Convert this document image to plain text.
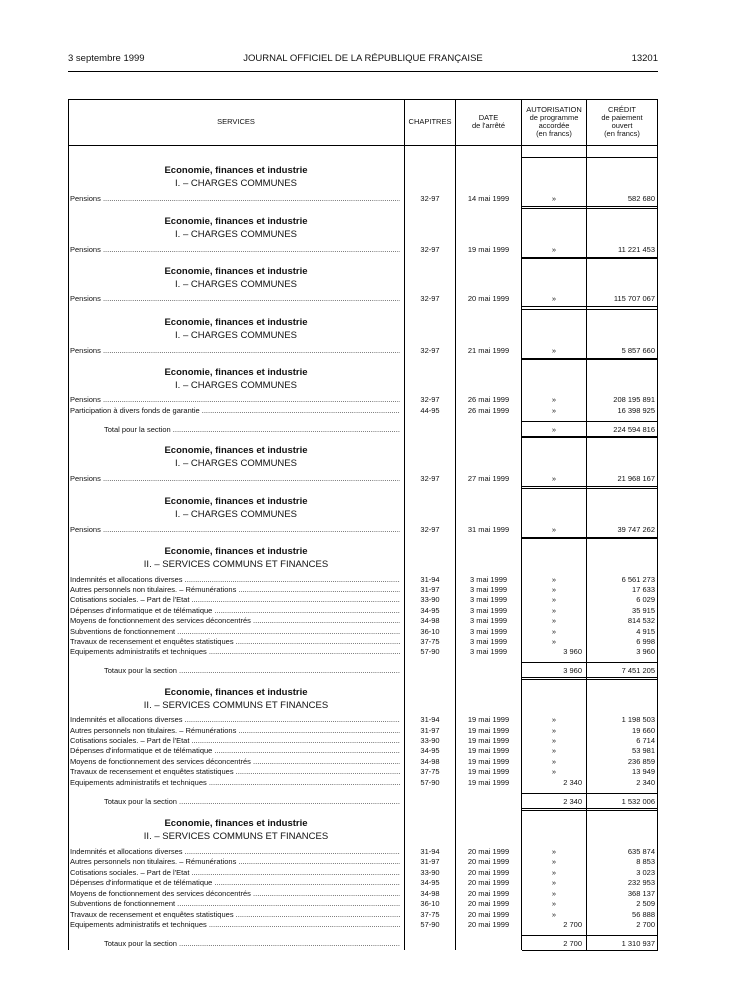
3 septembre 1999	JOURNAL OFFICIEL DE LA RÉPUBLIQUE FRANÇAISE	13201
SERVICES	CHAPITRES	DATE
de l'arrêté
AUTORISATION
de programme
accordée
(en francs)
CRÉDIT
de paiement
ouvert
(en francs)
Economie, finances et industrie
I. – CHARGES COMMUNES
Pensions .....	32-97	14 mai 1999	»	582 680
Economie, finances et industrie
I. – CHARGES COMMUNES
Pensions .....	32-97	19 mai 1999	»	11 221 453
Economie, finances et industrie
I. – CHARGES COMMUNES
Pensions .....	32-97	20 mai 1999	»	115 707 067
Economie, finances et industrie
I. – CHARGES COMMUNES
Pensions .....	32-97	21 mai 1999	»	5 857 660
Economie, finances et industrie
I. – CHARGES COMMUNES
Pensions .....	32-97	26 mai 1999	»	208 195 891
Participation à divers fonds de garantie .....	44-95	26 mai 1999	»	16 398 925
Total pour la section .....	»	224 594 816
Economie, finances et industrie
I. – CHARGES COMMUNES
Pensions .....	32-97	27 mai 1999	»	21 968 167
Economie, finances et industrie
I. – CHARGES COMMUNES
Pensions .....	32-97	31 mai 1999	»	39 747 262
Economie, finances et industrie
II. – SERVICES COMMUNS ET FINANCES
Indemnités et allocations diverses .....	31-94	3 mai 1999	»	6 561 273
Autres personnels non titulaires. – Rémunérations .....	31-97	3 mai 1999	»	17 633
Cotisations sociales. – Part de l'Etat .....	33-90	3 mai 1999	»	6 029
Dépenses d'informatique et de télématique .....	34-95	3 mai 1999	»	35 915
Moyens de fonctionnement des services déconcentrés .....	34-98	3 mai 1999	»	814 532
Subventions de fonctionnement .....	36-10	3 mai 1999	»	4 915
Travaux de recensement et enquêtes statistiques .....	37-75	3 mai 1999	»	6 998
Equipements administratifs et techniques .....	57-90	3 mai 1999	3 960	3 960
Totaux pour la section .....	3 960	7 451 205
Economie, finances et industrie
II. – SERVICES COMMUNS ET FINANCES
Indemnités et allocations diverses .....	31-94	19 mai 1999	»	1 198 503
Autres personnels non titulaires. – Rémunérations .....	31-97	19 mai 1999	»	19 660
Cotisations sociales. – Part de l'Etat .....	33-90	19 mai 1999	»	6 714
Dépenses d'informatique et de télématique .....	34-95	19 mai 1999	»	53 981
Moyens de fonctionnement des services déconcentrés .....	34-98	19 mai 1999	»	236 859
Travaux de recensement et enquêtes statistiques .....	37-75	19 mai 1999	»	13 949
Equipements administratifs et techniques .....	57-90	19 mai 1999	2 340	2 340
Totaux pour la section .....	2 340	1 532 006
Economie, finances et industrie
II. – SERVICES COMMUNS ET FINANCES
Indemnités et allocations diverses .....	31-94	20 mai 1999	»	635 874
Autres personnels non titulaires. – Rémunérations .....	31-97	20 mai 1999	»	8 853
Cotisations sociales. – Part de l'Etat .....	33-90	20 mai 1999	»	3 023
Dépenses d'informatique et de télématique .....	34-95	20 mai 1999	»	232 953
Moyens de fonctionnement des services déconcentrés .....	34-98	20 mai 1999	»	368 137
Subventions de fonctionnement .....	36-10	20 mai 1999	»	2 509
Travaux de recensement et enquêtes statistiques .....	37-75	20 mai 1999	»	56 888
Equipements administratifs et techniques .....	57-90	20 mai 1999	2 700	2 700
Totaux pour la section .....	2 700	1 310 937
